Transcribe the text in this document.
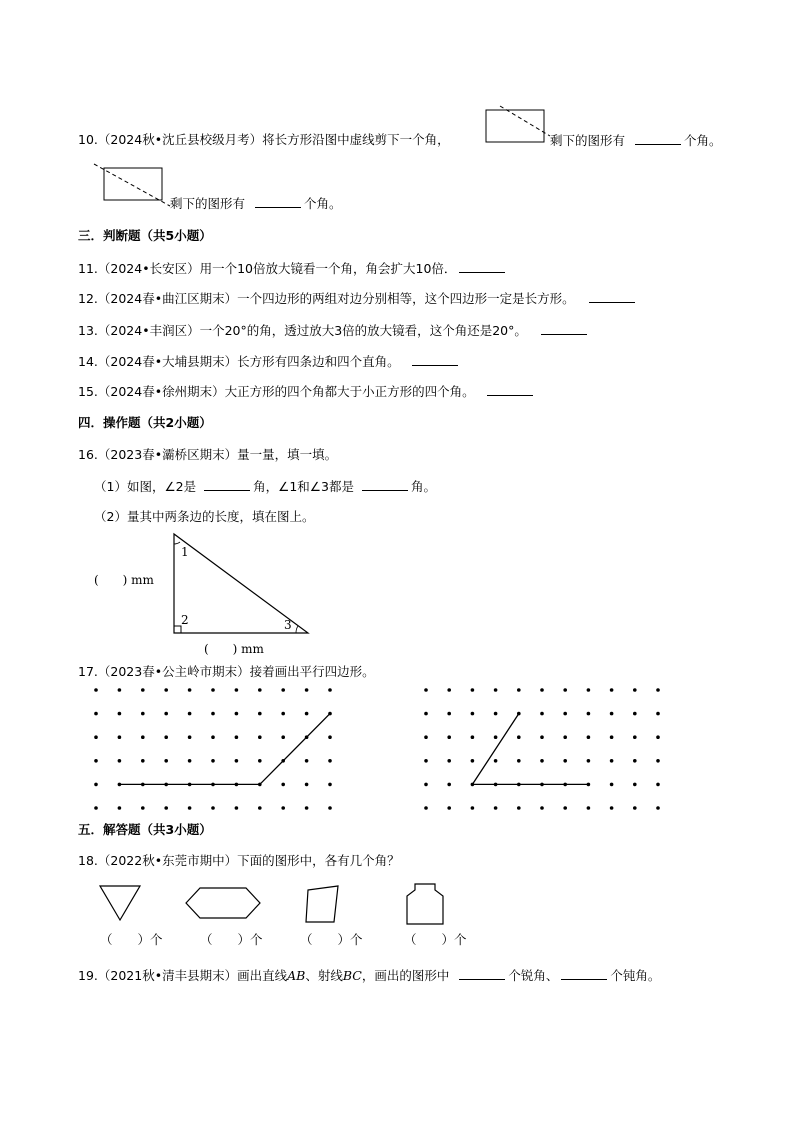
10.（2024秋•沈丘县校级月考）将长方形沿图中虚线剪下一个角，	剩下的图形有	个角。
剩下的图形有	个角。
三．判断题（共5小题）
11.（2024•长安区）用一个10倍放大镜看一个角，角会扩大10倍．
12.（2024春•曲江区期末）一个四边形的两组对边分别相等，这个四边形一定是长方形。
13.（2024•丰润区）一个20°的角，透过放大3倍的放大镜看，这个角还是20°。
14.（2024春•大埔县期末）长方形有四条边和四个直角。
15.（2024春•徐州期末）大正方形的四个角都大于小正方形的四个角。
四．操作题（共2小题）
16.（2023春•灞桥区期末）量一量，填一填。
（1）如图，∠2是	角，∠1和∠3都是	角。
（2）量其中两条边的长度，填在图上。
1
2	3
(　　) mm
(　　) mm
17.（2023春•公主岭市期末）接着画出平行四边形。
五．解答题（共3小题）
18.（2022秋•东莞市期中）下面的图形中，各有几个角？
（　　）个	（　　）个	（　　）个	（　　）个
19.（2021秋•清丰县期末）画出直线AB、射线BC，画出的图形中	个锐角、	个钝角。
